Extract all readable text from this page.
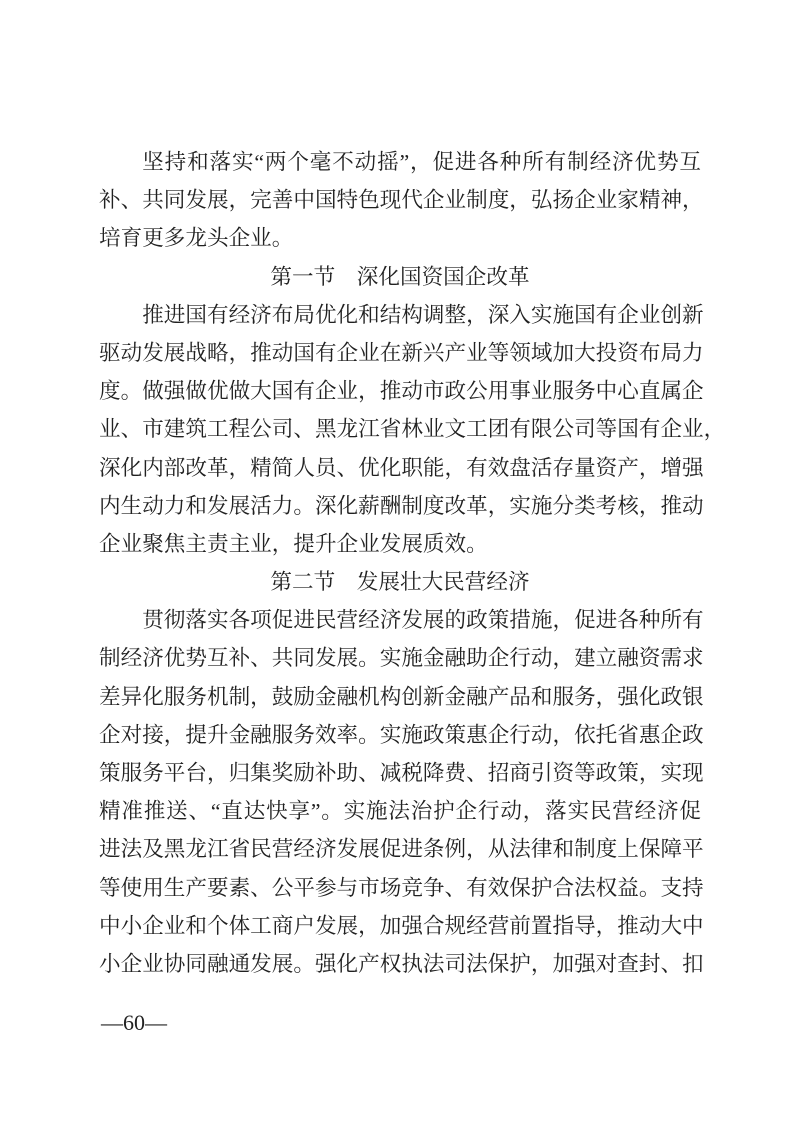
坚持和落实“两个毫不动摇”，促进各种所有制经济优势互
补、共同发展，完善中国特色现代企业制度，弘扬企业家精神，
培育更多龙头企业。
第一节　深化国资国企改革
推进国有经济布局优化和结构调整，深入实施国有企业创新
驱动发展战略，推动国有企业在新兴产业等领域加大投资布局力
度。做强做优做大国有企业，推动市政公用事业服务中心直属企
业、市建筑工程公司、黑龙江省林业文工团有限公司等国有企业，
深化内部改革，精简人员、优化职能，有效盘活存量资产，增强
内生动力和发展活力。深化薪酬制度改革，实施分类考核，推动
企业聚焦主责主业，提升企业发展质效。
第二节　发展壮大民营经济
贯彻落实各项促进民营经济发展的政策措施，促进各种所有
制经济优势互补、共同发展。实施金融助企行动，建立融资需求
差异化服务机制，鼓励金融机构创新金融产品和服务，强化政银
企对接，提升金融服务效率。实施政策惠企行动，依托省惠企政
策服务平台，归集奖励补助、减税降费、招商引资等政策，实现
精准推送、“直达快享”。实施法治护企行动，落实民营经济促
进法及黑龙江省民营经济发展促进条例，从法律和制度上保障平
等使用生产要素、公平参与市场竞争、有效保护合法权益。支持
中小企业和个体工商户发展，加强合规经营前置指导，推动大中
小企业协同融通发展。强化产权执法司法保护，加强对查封、扣
—60—
